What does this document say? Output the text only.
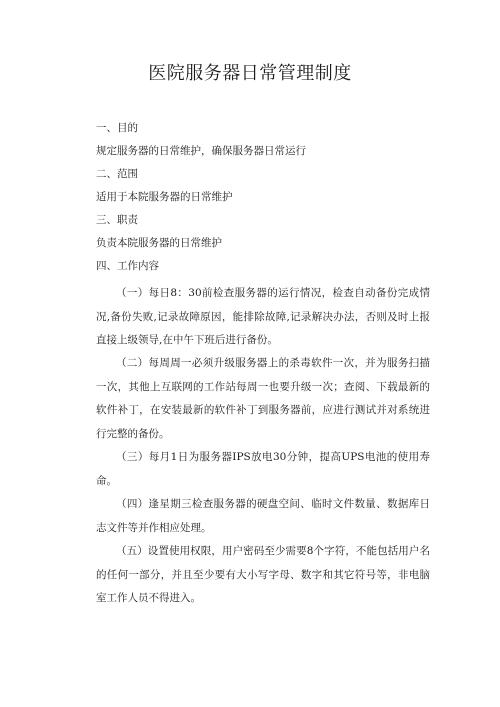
医院服务器日常管理制度
一、目的
规定服务器的日常维护，确保服务器日常运行
二、范围
适用于本院服务器的日常维护
三、职责
负责本院服务器的日常维护
四、工作内容
（一）每日8：30前检查服务器的运行情况，检查自动备份完成情况,备份失败,记录故障原因，能排除故障,记录解决办法，否则及时上报直接上级领导,在中午下班后进行备份。
（二）每周周一必须升级服务器上的杀毒软件一次，并为服务扫描一次，其他上互联网的工作站每周一也要升级一次；查阅、下载最新的软件补丁，在安装最新的软件补丁到服务器前，应进行测试并对系统进行完整的备份。
（三）每月1日为服务器IPS放电30分钟，提高UPS电池的使用寿命。
（四）逢星期三检查服务器的硬盘空间、临时文件数量、数据库日志文件等并作相应处理。
（五）设置使用权限，用户密码至少需要8个字符，不能包括用户名的任何一部分，并且至少要有大小写字母、数字和其它符号等，非电脑室工作人员不得进入。
